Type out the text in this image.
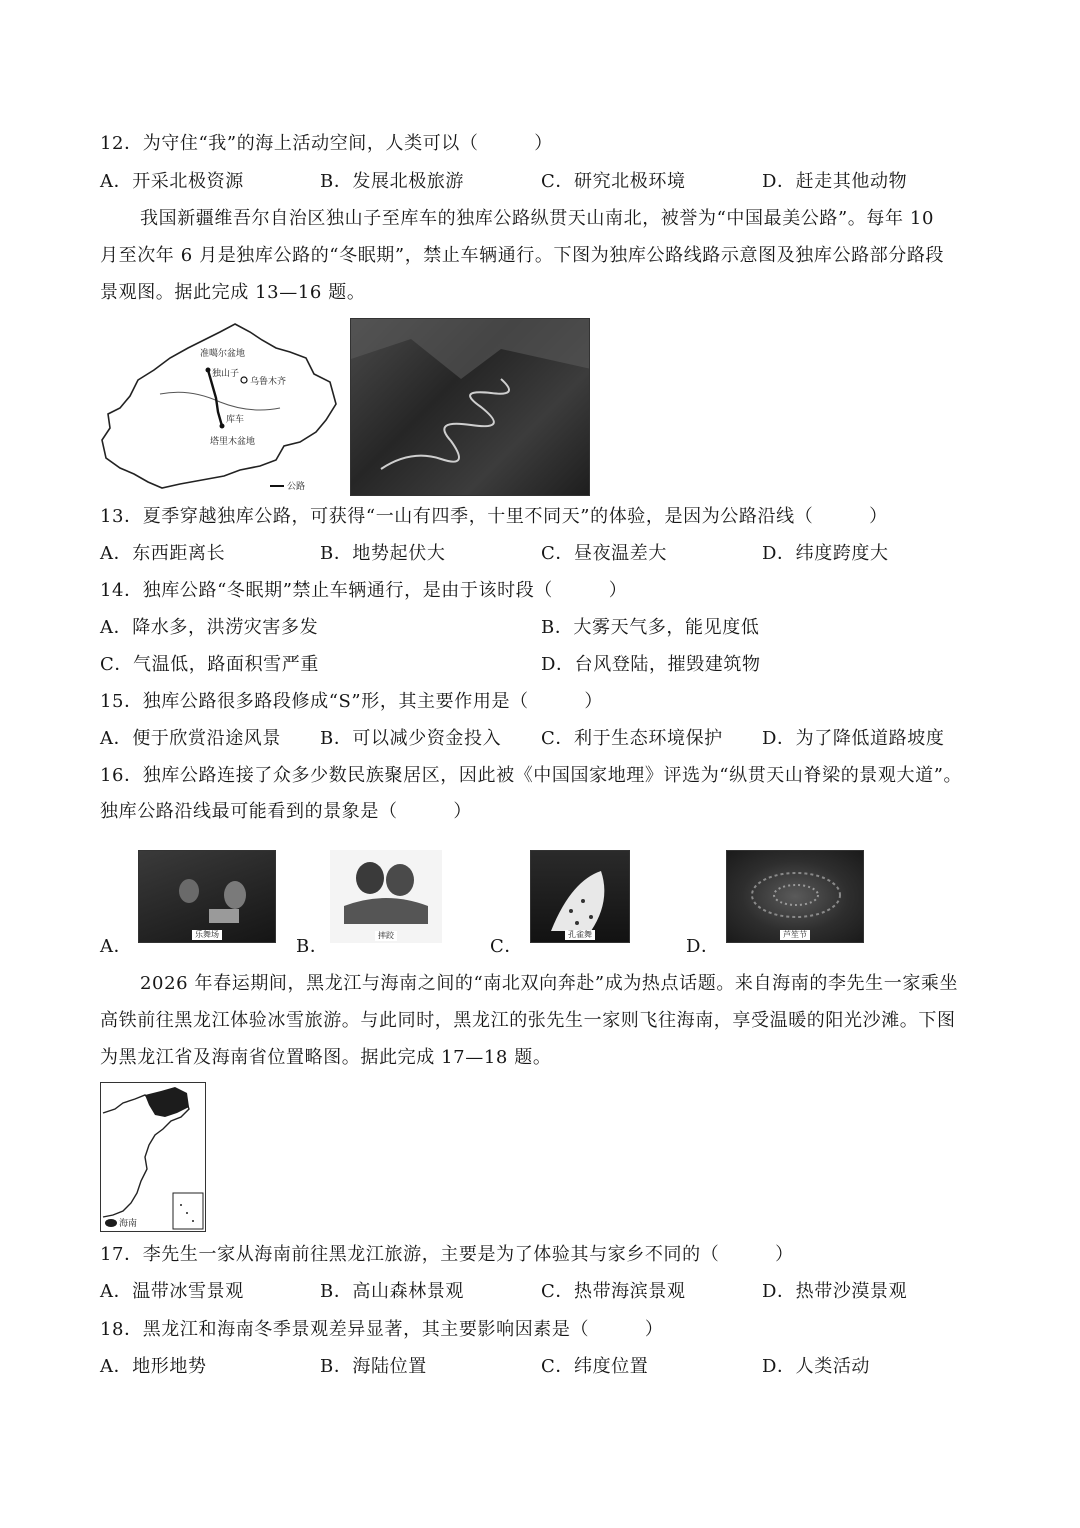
12．为守住“我”的海上活动空间，人类可以（　　　）
A．开采北极资源	B．发展北极旅游	C．研究北极环境	D．赶走其他动物
我国新疆维吾尔自治区独山子至库车的独库公路纵贯天山南北，被誉为“中国最美公路”。每年 10
月至次年 6 月是独库公路的“冬眠期”，禁止车辆通行。下图为独库公路线路示意图及独库公路部分路段
景观图。据此完成 13—16 题。
准噶尔盆地
独山子
乌鲁木齐
库车
塔里木盆地
公路
13．夏季穿越独库公路，可获得“一山有四季，十里不同天”的体验，是因为公路沿线（　　　）
A．东西距离长	B．地势起伏大	C．昼夜温差大	D．纬度跨度大
14．独库公路“冬眠期”禁止车辆通行，是由于该时段（　　　）
A．降水多，洪涝灾害多发	B．大雾天气多，能见度低
C．气温低，路面积雪严重	D．台风登陆，摧毁建筑物
15．独库公路很多路段修成“S”形，其主要作用是（　　　）
A．便于欣赏沿途风景 B．可以减少资金投入 C．利于生态环境保护 D．为了降低道路坡度
16．独库公路连接了众多少数民族聚居区，因此被《中国国家地理》评选为“纵贯天山脊梁的景观大道”。
独库公路沿线最可能看到的景象是（　　　）
A．
乐舞场
B．
摔跤
C．
孔雀舞
D．
芦笙节
2026 年春运期间，黑龙江与海南之间的“南北双向奔赴”成为热点话题。来自海南的李先生一家乘坐
高铁前往黑龙江体验冰雪旅游。与此同时，黑龙江的张先生一家则飞往海南，享受温暖的阳光沙滩。下图
为黑龙江省及海南省位置略图。据此完成 17—18 题。
海南
17．李先生一家从海南前往黑龙江旅游，主要是为了体验其与家乡不同的（　　　）
A．温带冰雪景观	B．高山森林景观	C．热带海滨景观	D．热带沙漠景观
18．黑龙江和海南冬季景观差异显著，其主要影响因素是（　　　）
A．地形地势	B．海陆位置	C．纬度位置	D．人类活动
